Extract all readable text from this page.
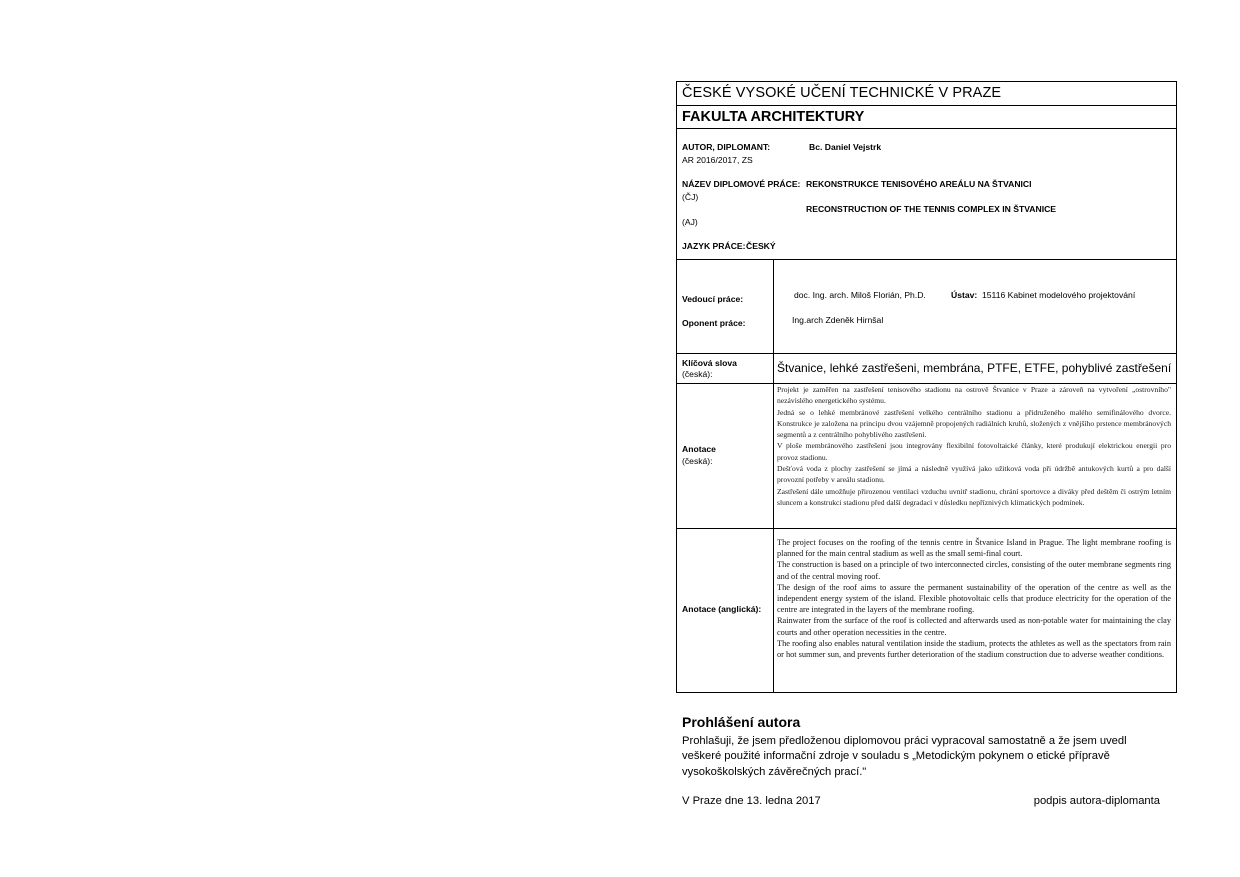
ČESKÉ VYSOKÉ UČENÍ TECHNICKÉ V PRAZE
FAKULTA ARCHITEKTURY
AUTOR, DIPLOMANT:	Bc. Daniel Vejstrk
AR 2016/2017, ZS
NÁZEV DIPLOMOVÉ PRÁCE: REKONSTRUKCE TENISOVÉHO AREÁLU NA ŠTVANICI
(ČJ)
RECONSTRUCTION OF THE TENNIS COMPLEX IN ŠTVANICE
(AJ)
JAZYK PRÁCE: ČESKÝ
Vedoucí práce:	doc. Ing. arch. Miloš Florián, Ph.D.	Ústav: 15116 Kabinet modelového projektování
Oponent práce:	Ing.arch Zdeněk Hirnšal
Klíčová slova
(česká):	Štvanice, lehké zastřešeni, membrána, PTFE, ETFE, pohyblivé zastřešení
Anotace
(česká):

Projekt je zaměřen na zastřešení tenisového stadionu na ostrově Štvanice v Praze a zároveň na vytvoření „ostrovního" nezávislého energetického systému.

Jedná se o lehké membránové zastřešení velkého centrálního stadionu a přidruženého malého semifinálového dvorce. Konstrukce je založena na principu dvou vzájemně propojených radiálních kruhů, složených z vnějšího prstence membránových segmentů a z centrálního pohyblivého zastřešení.

V ploše membránového zastřešení jsou integrovány flexibilní fotovoltaické články, které produkují elektrickou energii pro provoz stadionu.

Dešťová voda z plochy zastřešení se jímá a následně využívá jako užitková voda při údržbě antukových kurtů a pro další provozní potřeby v areálu stadionu.

Zastřešení dále umožňuje přirozenou ventilaci vzduchu uvnitř stadionu, chrání sportovce a diváky před deštěm či ostrým letním sluncem a konstrukci stadionu před další degradací v důsledku nepříznivých klimatických podmínek.

Anotace (anglická):

The project focuses on the roofing of the tennis centre in Štvanice Island in Prague. The light membrane roofing is planned for the main central stadium as well as the small semi-final court.

The construction is based on a principle of two interconnected circles, consisting of the outer membrane segments ring and of the central moving roof.

The design of the roof aims to assure the permanent sustainability of the operation of the centre as well as the independent energy system of the island. Flexible photovoltaic cells that produce electricity for the operation of the centre are integrated in the layers of the membrane roofing.

Rainwater from the surface of the roof is collected and afterwards used as non-potable water for maintaining the clay courts and other operation necessities in the centre.

The roofing also enables natural ventilation inside the stadium, protects the athletes as well as the spectators from rain or hot summer sun, and prevents further deterioration of the stadium construction due to adverse weather conditions.

Prohlášení autora

Prohlašuji, že jsem předloženou diplomovou práci vypracoval samostatně a že jsem uvedl veškeré použité informační zdroje v souladu s „Metodickým pokynem o etické přípravě vysokoškolských závěrečných prací."

V Praze dne 13. ledna 2017	podpis autora-diplomanta
